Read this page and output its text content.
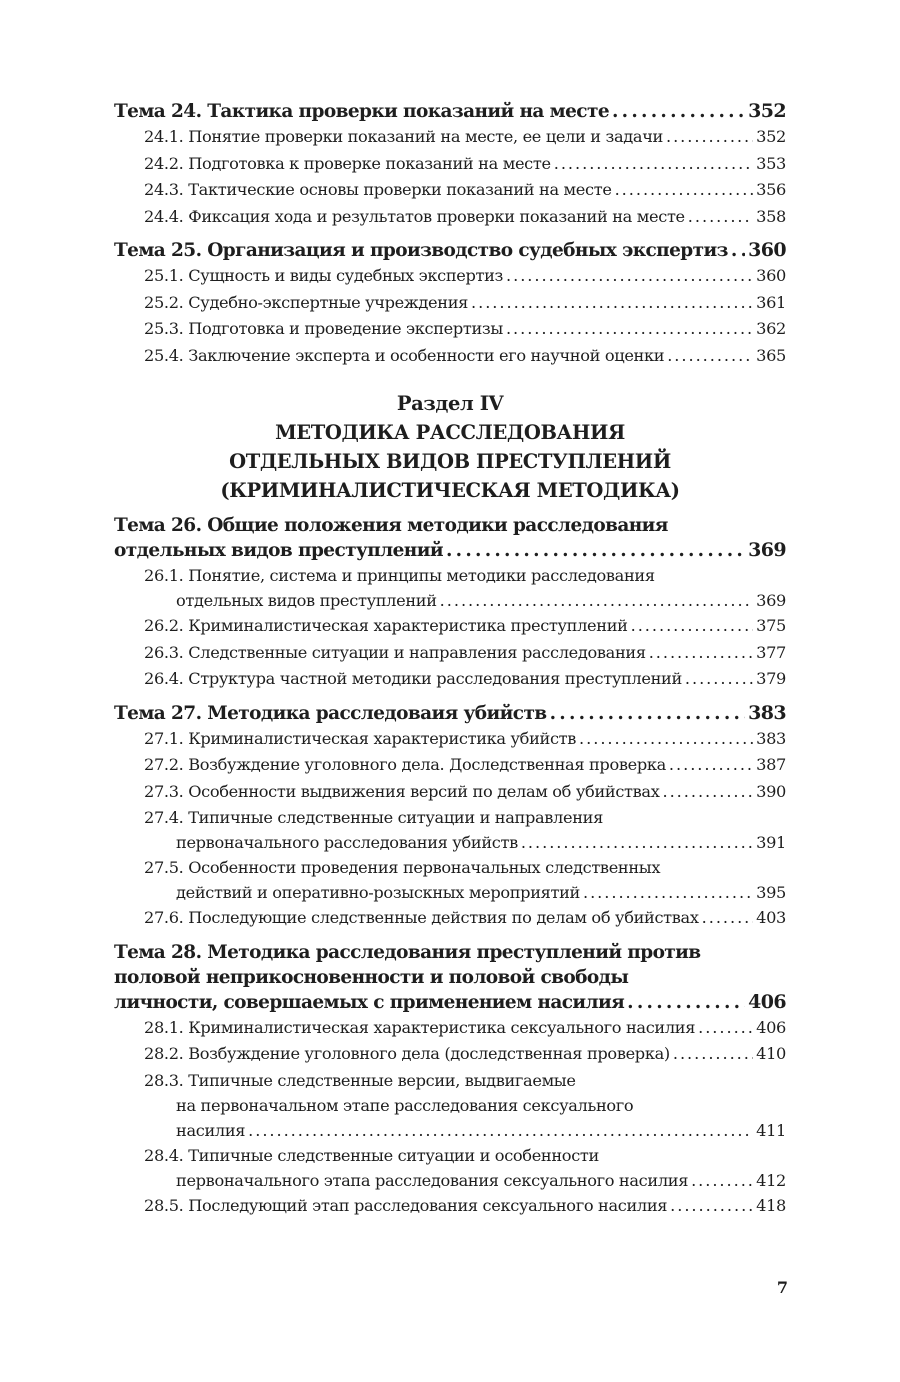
Тема 24. Тактика проверки показаний на месте . . .	352
24.1. Понятие проверки показаний на месте, ее цели и задачи . . .	352
24.2. Подготовка к проверке показаний на месте . . .	353
24.3. Тактические основы проверки показаний на месте . . .	356
24.4. Фиксация хода и результатов проверки показаний на месте . . .	358
Тема 25. Организация и производство судебных экспертиз . . . 360
25.1. Сущность и виды судебных экспертиз . . .	360
25.2. Судебно-экспертные учреждения . . .	361
25.3. Подготовка и проведение экспертизы . . .	362
25.4. Заключение эксперта и особенности его научной оценки . . .	365
Раздел IV
МЕТОДИКА РАССЛЕДОВАНИЯ
ОТДЕЛЬНЫХ ВИДОВ ПРЕСТУПЛЕНИЙ
(КРИМИНАЛИСТИЧЕСКАЯ МЕТОДИКА)
Тема 26. Общие положения методики расследования
отдельных видов преступлений . . .	369
26.1. Понятие, система и принципы методики расследования
отдельных видов преступлений . . .	369
26.2. Криминалистическая характеристика преступлений . . .	375
26.3. Следственные ситуации и направления расследования . . .	377
26.4. Структура частной методики расследования преступлений . . .	379
Тема 27. Методика расследоваия убийств . . .	383
27.1. Криминалистическая характеристика убийств . . .	383
27.2. Возбуждение уголовного дела. Доследственная проверка . . .	387
27.3. Особенности выдвижения версий по делам об убийствах . . .	390
27.4. Типичные следственные ситуации и направления
первоначального расследования убийств . . .	391
27.5. Особенности проведения первоначальных следственных
действий и оперативно-розыскных мероприятий . . .	395
27.6. Последующие следственные действия по делам об убийствах . . .	403
Тема 28. Методика расследования преступлений против
половой неприкосновенности и половой свободы
личности, совершаемых с применением насилия . . .	406
28.1. Криминалистическая характеристика сексуального насилия . . .	406
28.2. Возбуждение уголовного дела (доследственная проверка) . . .	410
28.3. Типичные следственные версии, выдвигаемые
на первоначальном этапе расследования сексуального
насилия . . .	411
28.4. Типичные следственные ситуации и особенности
первоначального этапа расследования сексуального насилия . . .	412
28.5. Последующий этап расследования сексуального насилия . . .	418
7
